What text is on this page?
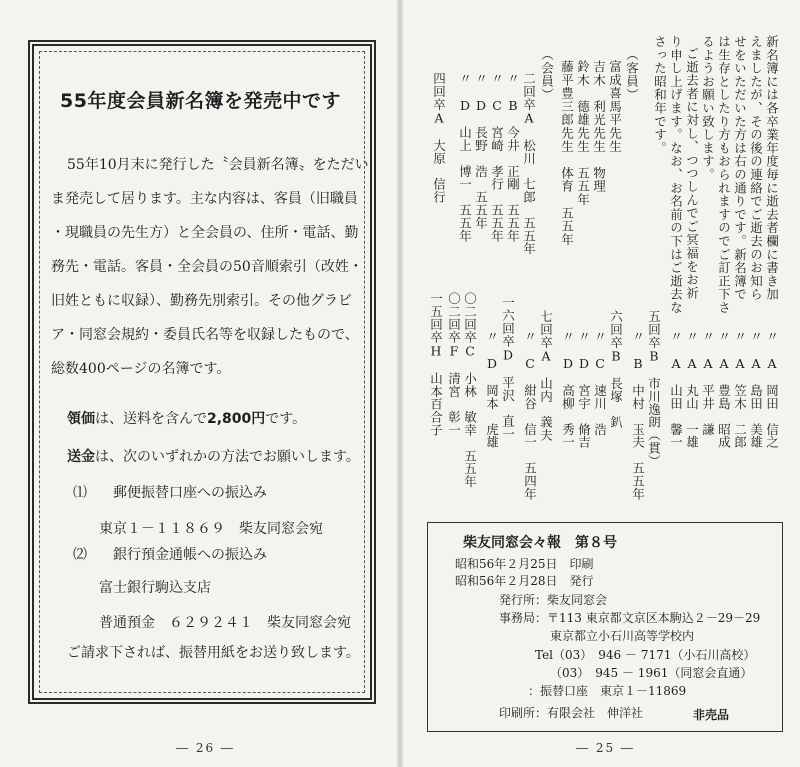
55年度会員新名簿を発売中です

55年10月末に発行した〝会員新名簿〟をただい

ま発売して居ります。主な内容は、客員（旧職員

・現職員の先生方）と全会員の、住所・電話、勤

務先・電話。客員・全会員の50音順索引（改姓・

旧姓ともに収録）、勤務先別索引。その他グラビ

ア・同窓会規約・委員氏名等を収録したもので、

総数400ページの名簿です。

領価は、送料を含んで2,800円です。
送金は、次のいずれかの方法でお願いします。
⑴ 郵便振替口座への振込み
東京１－１１８６９　柴友同窓会宛
⑵ 銀行預金通帳への振込み
富士銀行駒込支店
普通預金　６２９２４１　柴友同窓会宛
ご請求下されば、振替用紙をお送り致します。
― 26 ―
新名簿には各卒業年度毎に逝去者欄に書き加
えましたが、その後の連絡でご逝去のお知ら
せをいただいた方は右の通りです。新名簿で
は生存としたり方もおられますのでご訂正下さ
るようお願い致します。
ご逝去者に対し、つつしんでご冥福をお祈
り申し上げます。なお、お名前の下はご逝去な
さった昭和年です。
（客員）
富成喜馬平先生
吉木　利光先生　物理
鈴木　德雄先生　五五年
藤平豊三郎先生　体育　五五年
（会員）
二回卒A　松川　七郎　五五年
〃　B　今井　正剛　五五年
〃　C　宮崎　孝行　五五年
〃　D　長野　浩　五五年
〃　D　山上　博一　五五年
四回卒A　大原　信行
〃　A　岡田　信之
〃　A　島田　美雄
〃　A　笠木　二郎
〃　A　豊島　昭成
〃　A　平井　謙
〃　A　丸山　一雄
〃　A　山田　馨一
五回卒B　市川逸朗（貫）
〃　B　中村　玉夫　五五年
六回卒B　長塚　釟
〃　C　速川　浩
〃　D　宮宇　脩吉
〃　D　高柳　秀一
七回卒A　山内　義夫
〃　C　紺谷　信一　五四年
一六回卒D　平沢　直一
〃　D　岡本　虎雄
〇二回卒C　小林　敏幸　五五年
〇二回卒F　清宮　彰一
一五回卒H　山本百合子
柴友同窓会々報　第８号
昭和56年２月25日　印刷
昭和56年２月28日　発行
発行所：柴友同窓会
事務局：〒113 東京都文京区本駒込２－29－29
東京都立小石川高等学校内
Tel（03）　946 － 7171（小石川高校）
（03）　945 － 1961（同窓会直通）
：振替口座　東京１－11869
印刷所：有限会社　伸洋社	非売品
― 25 ―
